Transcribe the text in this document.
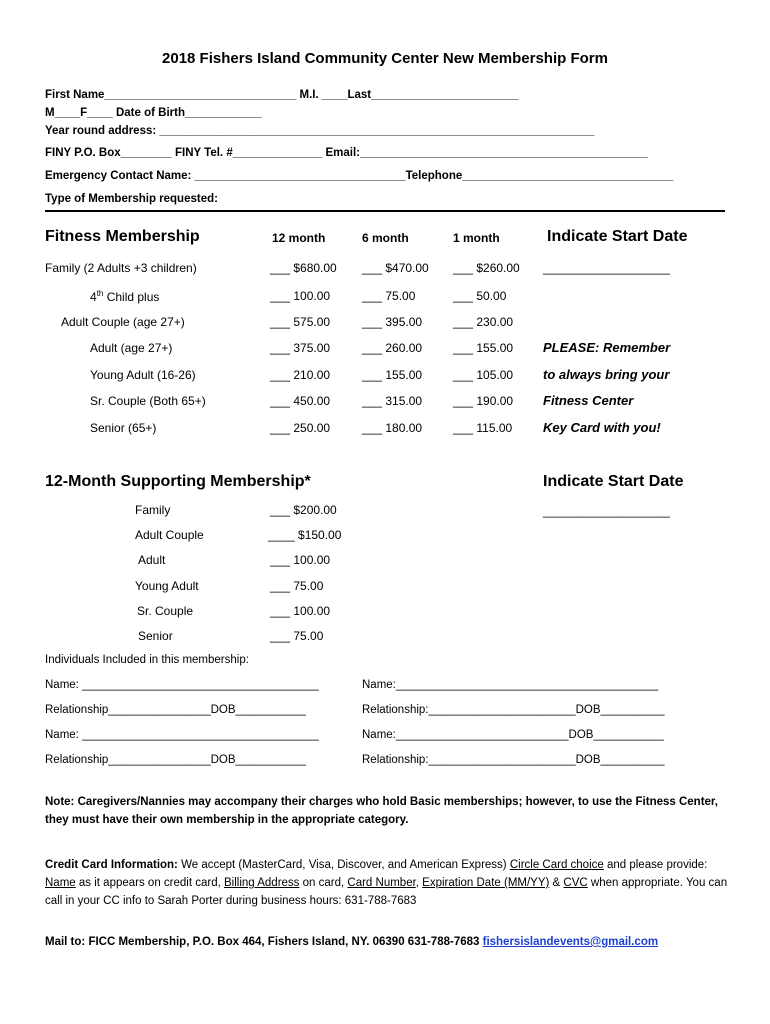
2018 Fishers Island Community Center New Membership Form
First Name______________________________ M.I. ____Last_______________________
M____F____ Date of Birth____________
Year round address: ____________________________________________________________________
FINY P.O. Box________ FINY Tel. #______________ Email:_____________________________________________
Emergency Contact Name: _________________________________Telephone_________________________________
Type of Membership requested:
Fitness Membership	12 month	6 month	1 month	Indicate Start Date
Family (2 Adults +3 children)	___ $680.00 ___ $470.00 ___ $260.00 ___________________
4th Child plus	___ 100.00	___ 75.00	___ 50.00
Adult Couple (age 27+)	___ 575.00	___ 395.00	___ 230.00
Adult (age 27+)	___ 375.00	___ 260.00	___ 155.00 PLEASE: Remember
Young Adult (16-26)	___ 210.00	___ 155.00	___ 105.00 to always bring your
Sr. Couple (Both 65+)	___ 450.00	___ 315.00	___ 190.00 Fitness Center
Senior (65+)	___ 250.00	___ 180.00	___ 115.00 Key Card with you!
12-Month Supporting Membership*	Indicate Start Date
___________________
Family	___ $200.00
Adult Couple	____ $150.00
Adult	___ 100.00
Young Adult	___ 75.00
Sr. Couple	___ 100.00
Senior	___ 75.00
Individuals Included in this membership:
Name: _____________________________________
Relationship________________DOB___________
Name: _____________________________________
Relationship________________DOB___________
Name:_________________________________________
Relationship:_______________________DOB__________
Name:___________________________DOB___________
Relationship:_______________________DOB__________
Note: Caregivers/Nannies may accompany their charges who hold Basic memberships; however, to use the Fitness Center, they must have their own membership in the appropriate category.
Credit Card Information: We accept (MasterCard, Visa, Discover, and American Express) Circle Card choice and please provide: Name as it appears on credit card, Billing Address on card, Card Number, Expiration Date (MM/YY) & CVC when appropriate. You can call in your CC info to Sarah Porter during business hours: 631-788-7683
Mail to: FICC Membership, P.O. Box 464, Fishers Island, NY. 06390 631-788-7683 fishersislandevents@gmail.com
